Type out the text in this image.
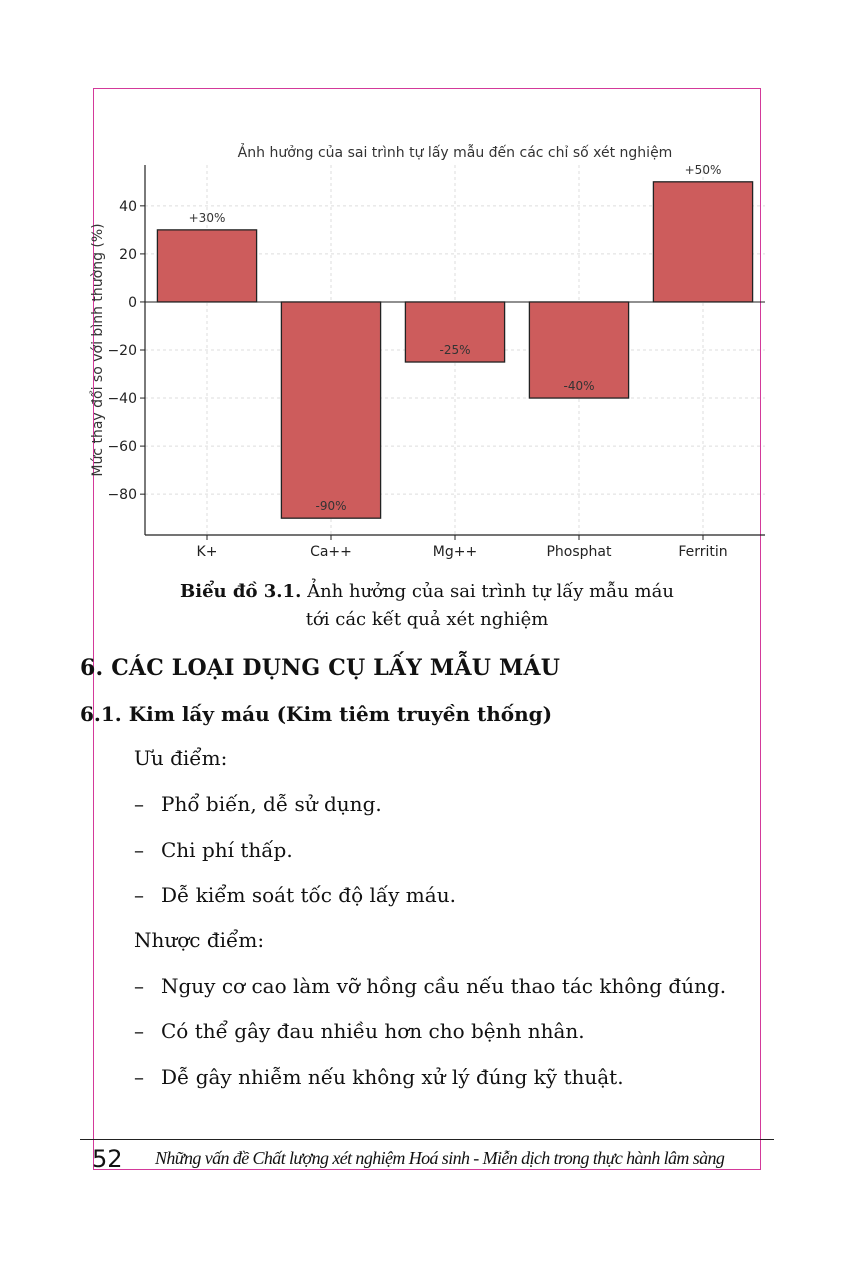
+30%
-90%
-25%
-40%
+50%
40
20
0
−20
−40
−60
−80
K+	Ca++	Mg++	Phosphat	Ferritin
Ảnh hưởng của sai trình tự lấy mẫu đến các chỉ số xét nghiệm
Mức thay đổi so với bình thường (%)
Biểu đồ 3.1. Ảnh hưởng của sai trình tự lấy mẫu máu
tới các kết quả xét nghiệm
6. CÁC LOẠI DỤNG CỤ LẤY MẪU MÁU
6.1. Kim lấy máu (Kim tiêm truyền thống)
Ưu điểm:
– Phổ biến, dễ sử dụng.
– Chi phí thấp.
– Dễ kiểm soát tốc độ lấy máu.
Nhược điểm:
– Nguy cơ cao làm vỡ hồng cầu nếu thao tác không đúng.
– Có thể gây đau nhiều hơn cho bệnh nhân.
– Dễ gây nhiễm nếu không xử lý đúng kỹ thuật.
52 Những vấn đề Chất lượng xét nghiệm Hoá sinh - Miễn dịch trong thực hành lâm sàng
